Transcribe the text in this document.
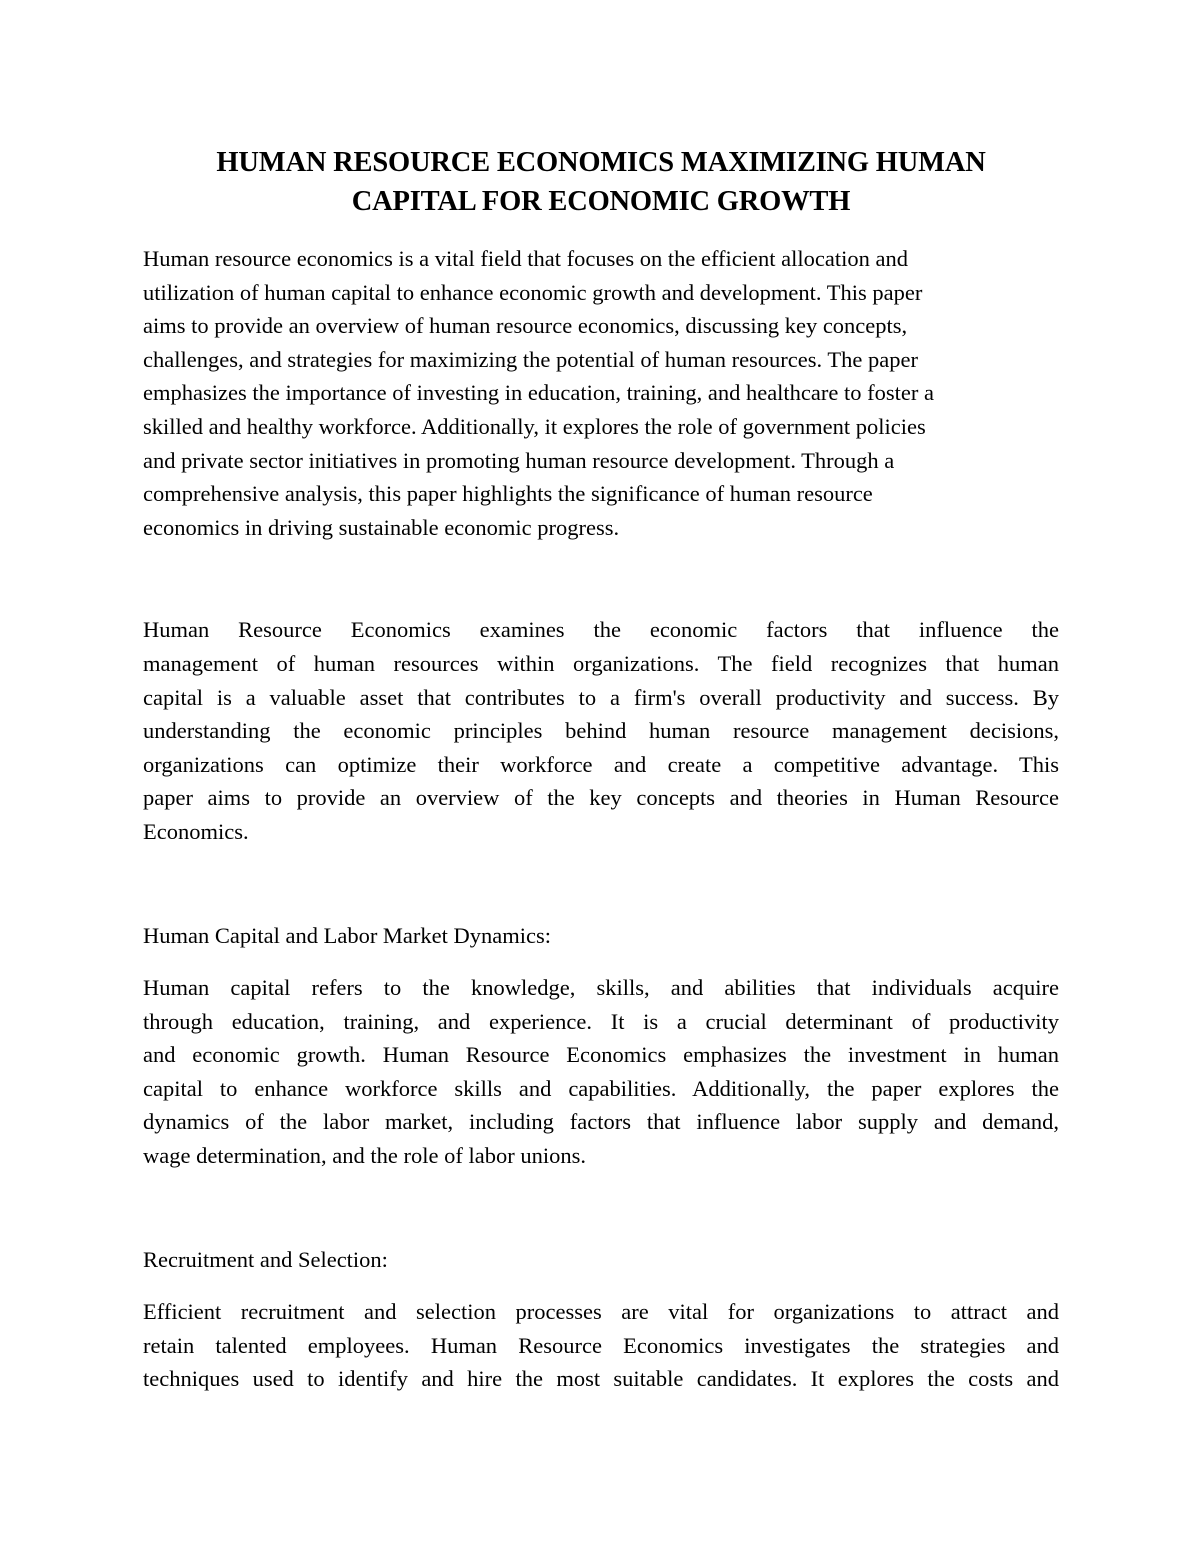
HUMAN RESOURCE ECONOMICS MAXIMIZING HUMAN
CAPITAL FOR ECONOMIC GROWTH
Human resource economics is a vital field that focuses on the efficient allocation and
utilization of human capital to enhance economic growth and development. This paper
aims to provide an overview of human resource economics, discussing key concepts,
challenges, and strategies for maximizing the potential of human resources. The paper
emphasizes the importance of investing in education, training, and healthcare to foster a
skilled and healthy workforce. Additionally, it explores the role of government policies
and private sector initiatives in promoting human resource development. Through a
comprehensive analysis, this paper highlights the significance of human resource
economics in driving sustainable economic progress.
Human Resource Economics examines the economic factors that influence the
management of human resources within organizations. The field recognizes that human
capital is a valuable asset that contributes to a firm's overall productivity and success. By
understanding the economic principles behind human resource management decisions,
organizations can optimize their workforce and create a competitive advantage. This
paper aims to provide an overview of the key concepts and theories in Human Resource
Economics.
Human Capital and Labor Market Dynamics:
Human capital refers to the knowledge, skills, and abilities that individuals acquire
through education, training, and experience. It is a crucial determinant of productivity
and economic growth. Human Resource Economics emphasizes the investment in human
capital to enhance workforce skills and capabilities. Additionally, the paper explores the
dynamics of the labor market, including factors that influence labor supply and demand,
wage determination, and the role of labor unions.
Recruitment and Selection:
Efficient recruitment and selection processes are vital for organizations to attract and
retain talented employees. Human Resource Economics investigates the strategies and
techniques used to identify and hire the most suitable candidates. It explores the costs and
